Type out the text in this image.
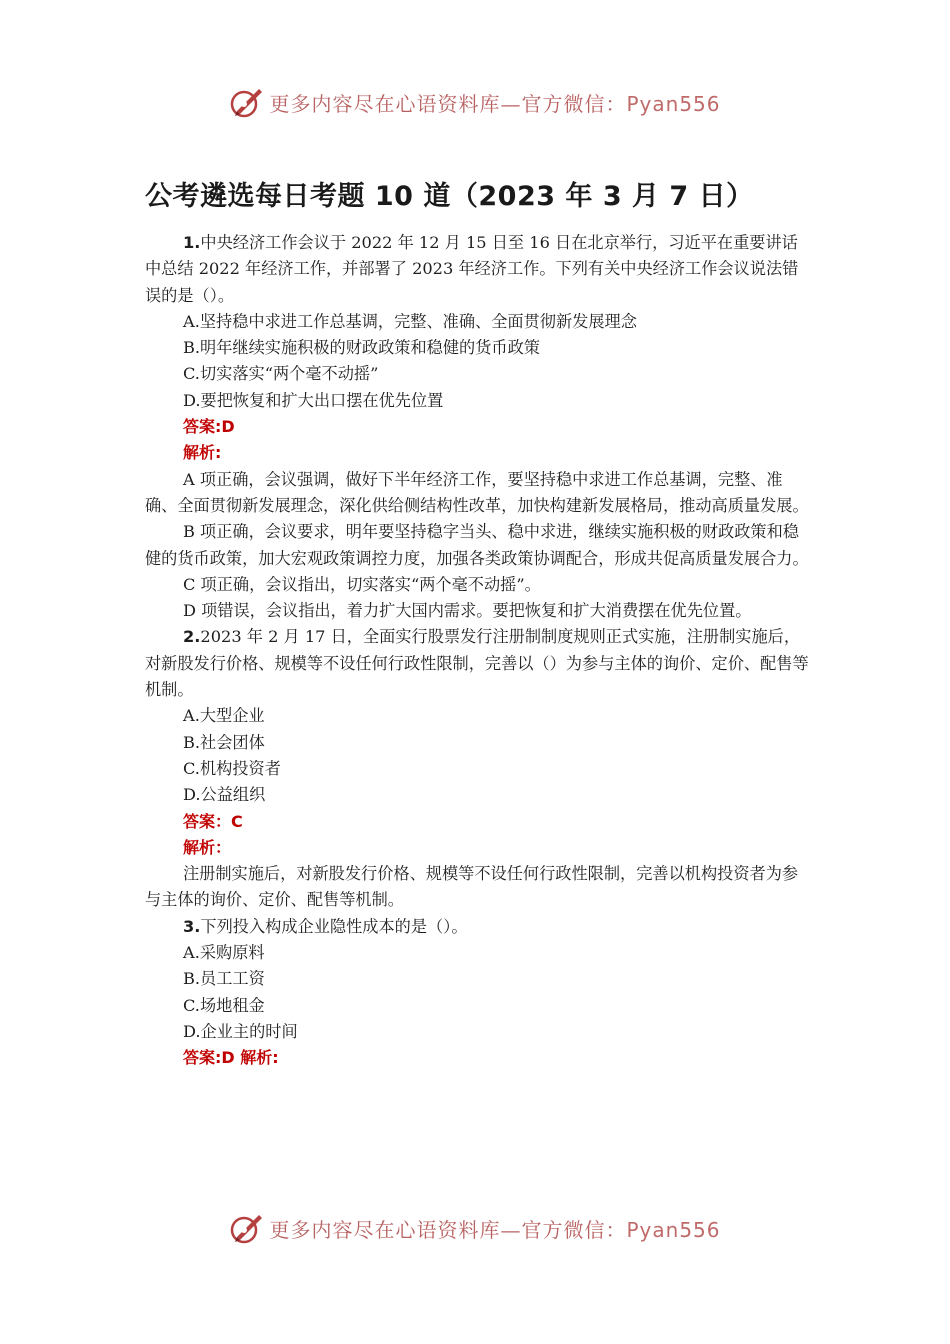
更多内容尽在心语资料库—官方微信：Pyan556
公考遴选每日考题 10 道（2023 年 3 月 7 日）

1.中央经济工作会议于 2022 年 12 月 15 日至 16 日在北京举行，习近平在重要讲话中总结 2022 年经济工作，并部署了 2023 年经济工作。下列有关中央经济工作会议说法错误的是（）。

A.坚持稳中求进工作总基调，完整、准确、全面贯彻新发展理念

B.明年继续实施积极的财政政策和稳健的货币政策

C.切实落实“两个毫不动摇”

D.要把恢复和扩大出口摆在优先位置

答案:D

解析:

A 项正确，会议强调，做好下半年经济工作，要坚持稳中求进工作总基调，完整、准确、全面贯彻新发展理念，深化供给侧结构性改革，加快构建新发展格局，推动高质量发展。

B 项正确，会议要求，明年要坚持稳字当头、稳中求进，继续实施积极的财政政策和稳健的货币政策，加大宏观政策调控力度，加强各类政策协调配合，形成共促高质量发展合力。

C 项正确，会议指出，切实落实“两个毫不动摇”。

D 项错误，会议指出，着力扩大国内需求。要把恢复和扩大消费摆在优先位置。

2.2023 年 2 月 17 日，全面实行股票发行注册制制度规则正式实施，注册制实施后，对新股发行价格、规模等不设任何行政性限制，完善以（）为参与主体的询价、定价、配售等机制。

A.大型企业

B.社会团体

C.机构投资者

D.公益组织

答案：C

解析：

注册制实施后，对新股发行价格、规模等不设任何行政性限制，完善以机构投资者为参与主体的询价、定价、配售等机制。

3.下列投入构成企业隐性成本的是（）。

A.采购原料

B.员工工资

C.场地租金

D.企业主的时间

答案:D 解析:

更多内容尽在心语资料库—官方微信：Pyan556
